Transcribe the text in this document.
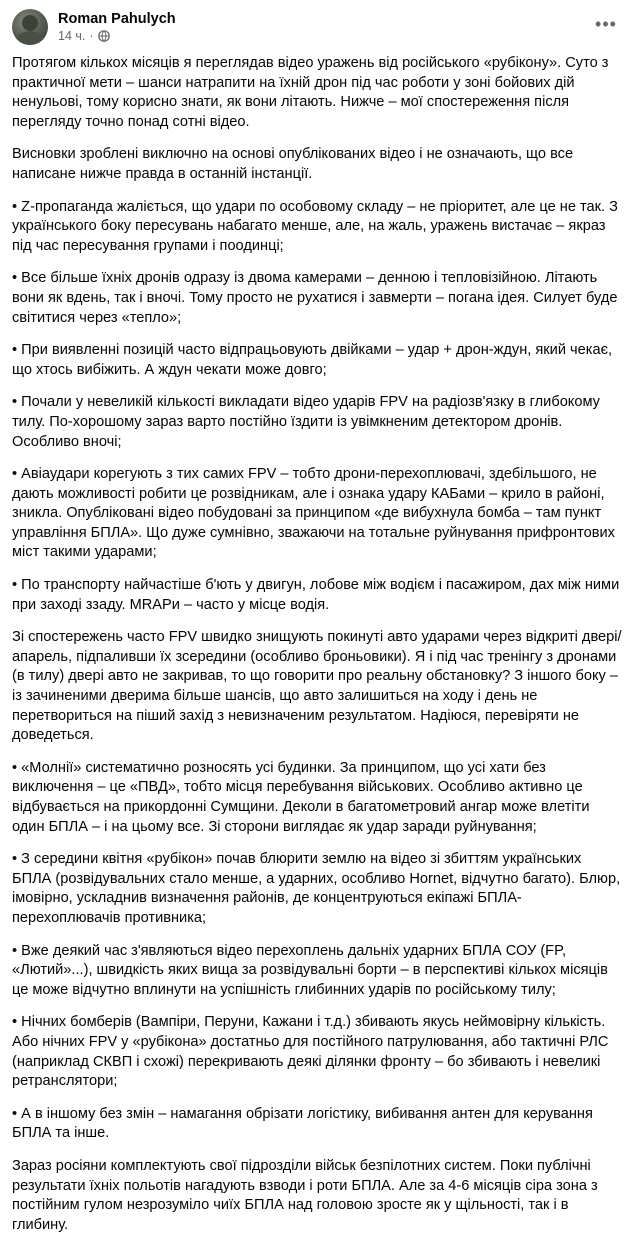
Roman Pahulych
14 ч. ·
•••

Протягом кількох місяців я переглядав відео уражень від російського «рубікону». Суто з практичної мети – шанси натрапити на їхній дрон під час роботи у зоні бойових дій ненульові, тому корисно знати, як вони літають. Нижче – мої спостереження після перегляду точно понад сотні відео.

Висновки зроблені виключно на основі опублікованих відео і не означають, що все написане нижче правда в останній інстанції.

• Z-пропаганда жаліється, що удари по особовому складу – не пріоритет, але це не так. З українського боку пересувань набагато менше, але, на жаль, уражень вистачає – якраз під час пересування групами і поодинці;

• Все більше їхніх дронів одразу із двома камерами – денною і тепловізійною. Літають вони як вдень, так і вночі. Тому просто не рухатися і завмерти – погана ідея. Силует буде світитися через «тепло»;

• При виявленні позицій часто відпрацьовують двійками – удар + дрон-ждун, який чекає, що хтось вибіжить. А ждун чекати може довго;

• Почали у невеликій кількості викладати відео ударів FPV на радіозв'язку в глибокому тилу. По-хорошому зараз варто постійно їздити із увімкненим детектором дронів. Особливо вночі;

• Авіаудари корегують з тих самих FPV – тобто дрони-перехоплювачі, здебільшого, не дають можливості робити це розвідникам, але і ознака удару КАБами – крило в районі, зникла. Опубліковані відео побудовані за принципом «де вибухнула бомба – там пункт управління БПЛА». Що дуже сумнівно, зважаючи на тотальне руйнування прифронтових міст такими ударами;

• По транспорту найчастіше б'ють у двигун, лобове між водієм і пасажиром, дах між ними при заході ззаду. MRAPи – часто у місце водія.

Зі спостережень часто FPV швидко знищують покинуті авто ударами через відкриті двері/апарель, підпаливши їх зсередини (особливо броньовики). Я і під час тренінгу з дронами (в тилу) двері авто не закривав, то що говорити про реальну обстановку? З іншого боку – із зачиненими дверима більше шансів, що авто залишиться на ходу і день не перетвориться на піший захід з невизначеним результатом. Надіюся, перевіряти не доведеться.

• «Молнії» систематично розносять усі будинки. За принципом, що усі хати без виключення – це «ПВД», тобто місця перебування військових. Особливо активно це відбувається на прикордонні Сумщини. Деколи в багатометровий ангар може влетіти один БПЛА – і на цьому все. Зі сторони виглядає як удар заради руйнування;

• З середини квітня «рубікон» почав блюрити землю на відео зі збиттям українських БПЛА (розвідувальних стало менше, а ударних, особливо Hornet, відчутно багато). Блюр, імовірно, ускладнив визначення районів, де концентруються екіпажі БПЛА-перехоплювачів противника;

• Вже деякий час з'являються відео перехоплень дальніх ударних БПЛА СОУ (FP, «Лютий»...), швидкість яких вища за розвідувальні борти – в перспективі кількох місяців це може відчутно вплинути на успішність глибинних ударів по російському тилу;

• Нічних бомберів (Вампіри, Перуни, Кажани і т.д.) збивають якусь неймовірну кількість. Або нічних FPV у «рубікона» достатньо для постійного патрулювання, або тактичні РЛС (наприклад СКВП і схожі) перекривають деякі ділянки фронту – бо збивають і невеликі ретранслятори;

• А в іншому без змін – намагання обрізати логістику, вибивання антен для керування БПЛА та інше.

Зараз росіяни комплектують свої підрозділи військ безпілотних систем. Поки публічні результати їхніх польотів нагадують взводи і роти БПЛА. Але за 4-6 місяців сіра зона з постійним гулом незрозуміло чиїх БПЛА над головою зросте як у щільності, так і в глибину.
